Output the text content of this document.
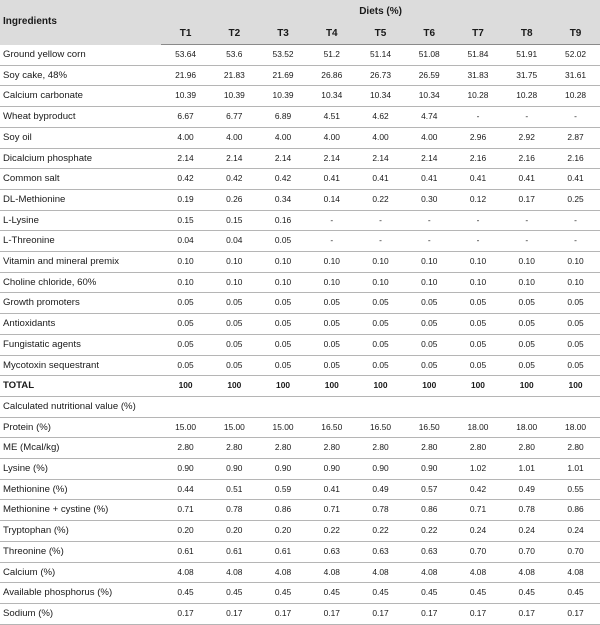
Ingredients	Diets (%)								
	T1	T2	T3	T4	T5	T6	T7	T8	T9
Ground yellow corn	53.64	53.6	53.52	51.2	51.14	51.08	51.84	51.91	52.02
Soy cake, 48%	21.96	21.83	21.69	26.86	26.73	26.59	31.83	31.75	31.61
Calcium carbonate	10.39	10.39	10.39	10.34	10.34	10.34	10.28	10.28	10.28
Wheat byproduct	6.67	6.77	6.89	4.51	4.62	4.74	-	-	-
Soy oil	4.00	4.00	4.00	4.00	4.00	4.00	2.96	2.92	2.87
Dicalcium phosphate	2.14	2.14	2.14	2.14	2.14	2.14	2.16	2.16	2.16
Common salt	0.42	0.42	0.42	0.41	0.41	0.41	0.41	0.41	0.41
DL-Methionine	0.19	0.26	0.34	0.14	0.22	0.30	0.12	0.17	0.25
L-Lysine	0.15	0.15	0.16	-	-	-	-	-	-
L-Threonine	0.04	0.04	0.05	-	-	-	-	-	-
Vitamin and mineral premix	0.10	0.10	0.10	0.10	0.10	0.10	0.10	0.10	0.10
Choline chloride, 60%	0.10	0.10	0.10	0.10	0.10	0.10	0.10	0.10	0.10
Growth promoters	0.05	0.05	0.05	0.05	0.05	0.05	0.05	0.05	0.05
Antioxidants	0.05	0.05	0.05	0.05	0.05	0.05	0.05	0.05	0.05
Fungistatic agents	0.05	0.05	0.05	0.05	0.05	0.05	0.05	0.05	0.05
Mycotoxin sequestrant	0.05	0.05	0.05	0.05	0.05	0.05	0.05	0.05	0.05
TOTAL	100	100	100	100	100	100	100	100	100
Calculated nutritional value (%)									
Protein (%)	15.00	15.00	15.00	16.50	16.50	16.50	18.00	18.00	18.00
ME (Mcal/kg)	2.80	2.80	2.80	2.80	2.80	2.80	2.80	2.80	2.80
Lysine (%)	0.90	0.90	0.90	0.90	0.90	0.90	1.02	1.01	1.01
Methionine (%)	0.44	0.51	0.59	0.41	0.49	0.57	0.42	0.49	0.55
Methionine + cystine (%)	0.71	0.78	0.86	0.71	0.78	0.86	0.71	0.78	0.86
Tryptophan (%)	0.20	0.20	0.20	0.22	0.22	0.22	0.24	0.24	0.24
Threonine (%)	0.61	0.61	0.61	0.63	0.63	0.63	0.70	0.70	0.70
Calcium (%)	4.08	4.08	4.08	4.08	4.08	4.08	4.08	4.08	4.08
Available phosphorus (%)	0.45	0.45	0.45	0.45	0.45	0.45	0.45	0.45	0.45
Sodium (%)	0.17	0.17	0.17	0.17	0.17	0.17	0.17	0.17	0.17
